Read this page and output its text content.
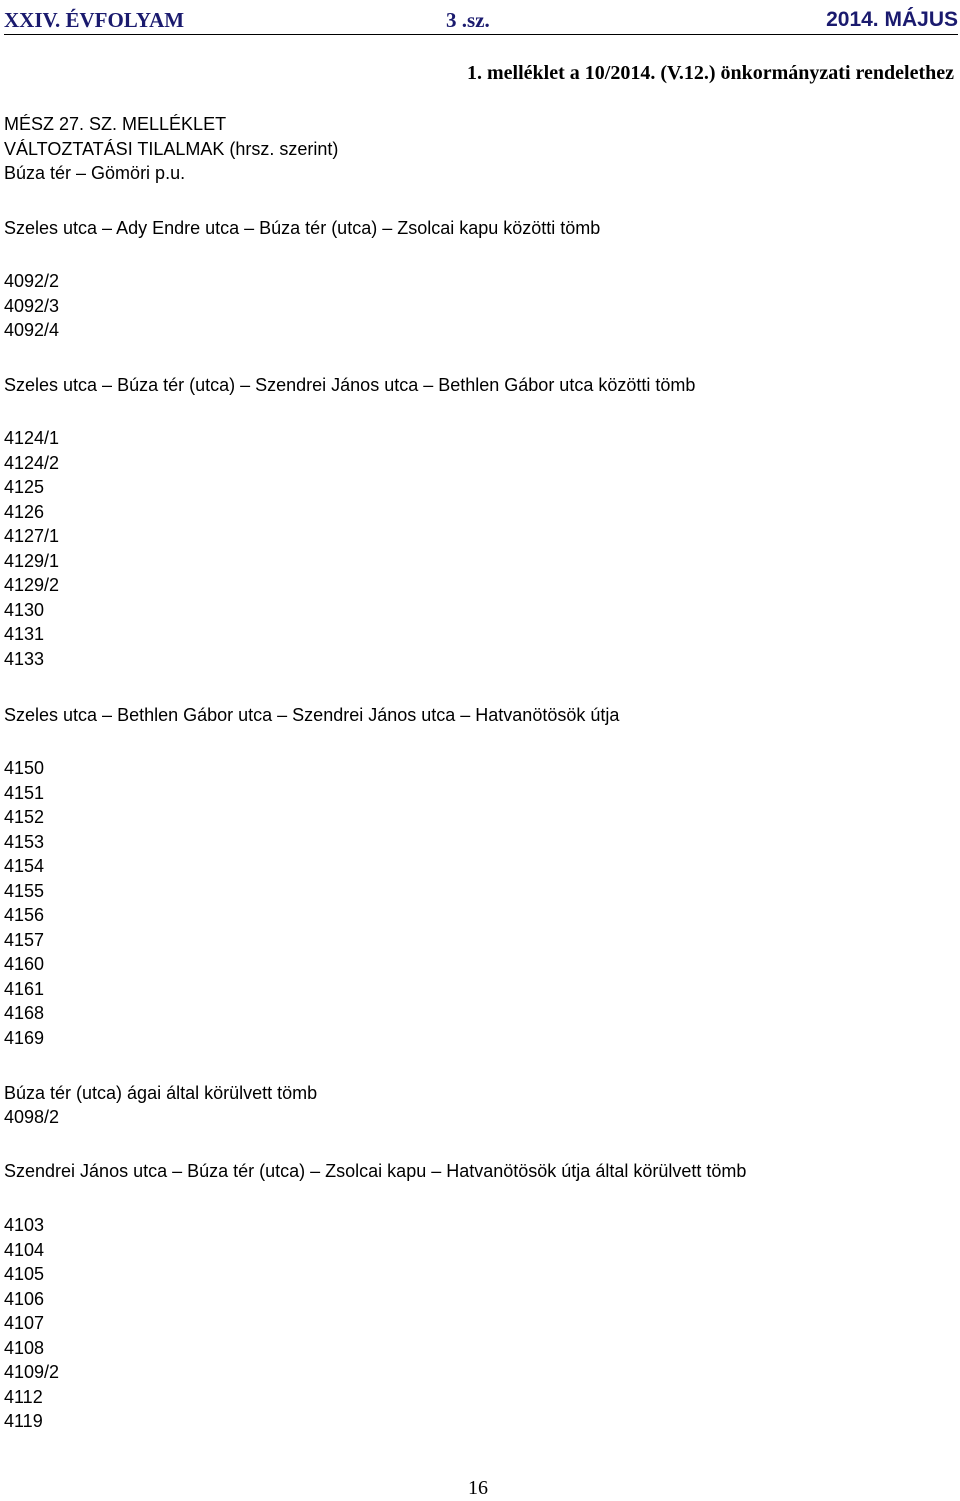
XXIV. ÉVFOLYAM	3 .sz.	2014. MÁJUS
1. melléklet a 10/2014. (V.12.) önkormányzati rendelethez
MÉSZ 27. SZ. MELLÉKLET
VÁLTOZTATÁSI TILALMAK (hrsz. szerint)
Búza tér – Gömöri p.u.
Szeles utca – Ady Endre utca – Búza tér (utca) – Zsolcai kapu közötti tömb
4092/2
4092/3
4092/4
Szeles utca – Búza tér (utca) – Szendrei János utca – Bethlen Gábor utca közötti tömb
4124/1
4124/2
4125
4126
4127/1
4129/1
4129/2
4130
4131
4133
Szeles utca – Bethlen Gábor utca – Szendrei János utca – Hatvanötösök útja
4150
4151
4152
4153
4154
4155
4156
4157
4160
4161
4168
4169
Búza tér (utca) ágai által körülvett tömb
4098/2
Szendrei János utca – Búza tér (utca) – Zsolcai kapu – Hatvanötösök útja által körülvett tömb
4103
4104
4105
4106
4107
4108
4109/2
4112
4119
16
